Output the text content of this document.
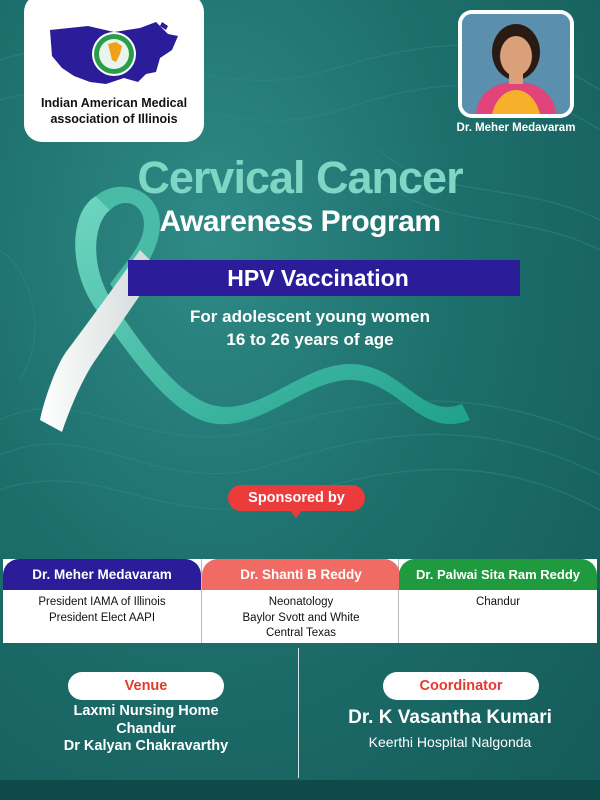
Indian American Medical
association of Illinois
Dr. Meher Medavaram
Cervical Cancer
Awareness Program
HPV Vaccination
For adolescent young women
16 to 26 years of age
Sponsored by
Dr. Meher Medavaram
President IAMA of Illinois
President Elect AAPI
Dr. Shanti B Reddy
Neonatology
Baylor Svott and White
Central Texas
Dr. Palwai Sita Ram Reddy
Chandur
Venue
Laxmi Nursing Home
Chandur
Dr Kalyan Chakravarthy
Coordinator
Dr. K Vasantha Kumari
Keerthi Hospital Nalgonda
